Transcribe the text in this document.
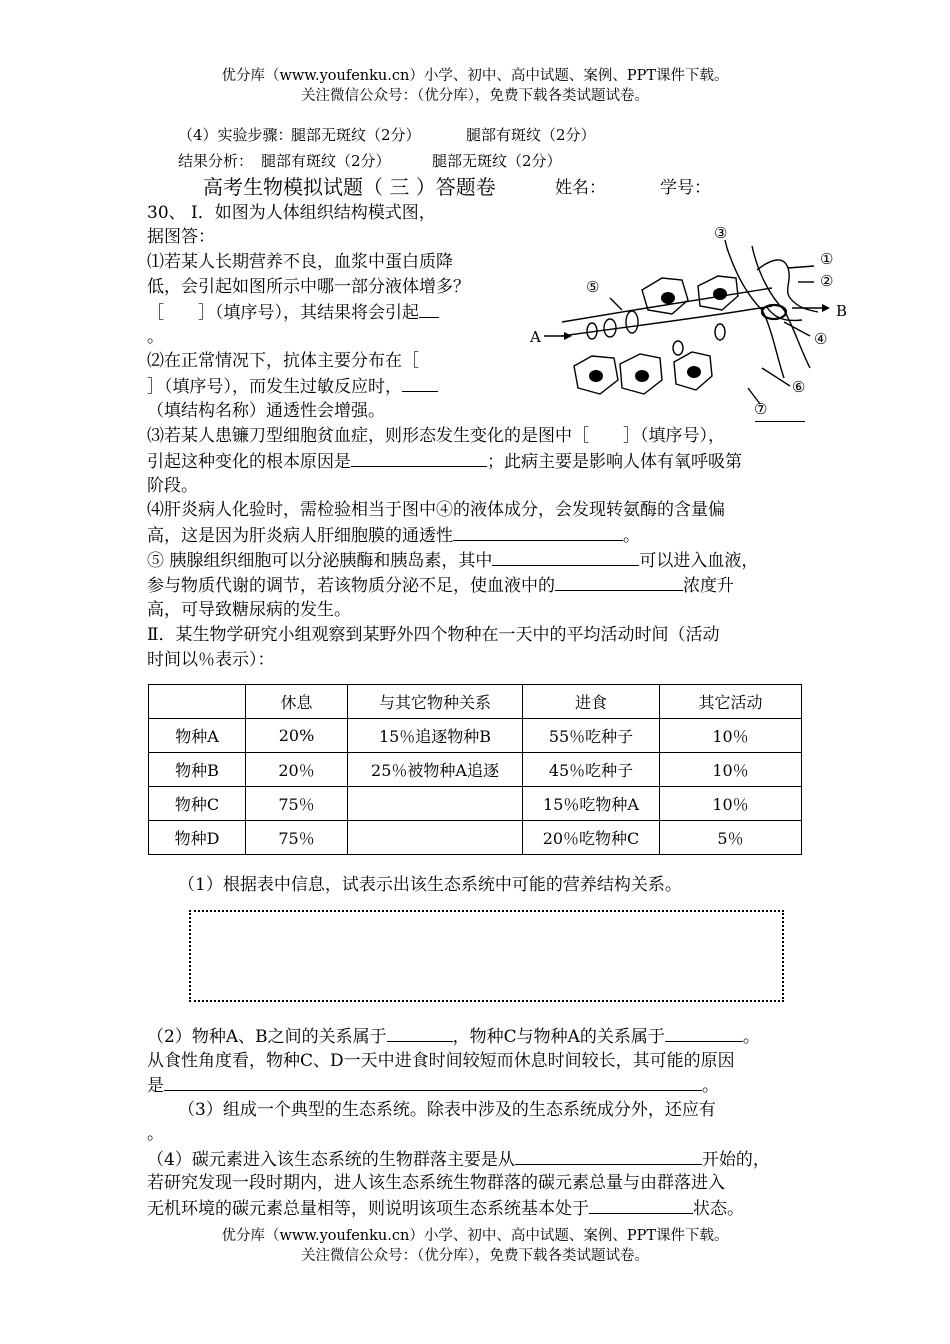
优分库（www.youfenku.cn）小学、初中、高中试题、案例、PPT课件下载。
关注微信公众号：（优分库），免费下载各类试题试卷。
（4）实验步骤：
腿部无斑纹（2分）	腿部有斑纹（2分）
结果分析： 腿部有斑纹（2分）	腿部无斑纹（2分）
高考生物模拟试题（ 三 ）答题卷	姓名：	学号：
30、 Ⅰ．如图为人体组织结构模式图，
据图答：
⑴若某人长期营养不良，血浆中蛋白质降
低，会引起如图所示中哪一部分液体增多？
［　　］（填序号），其结果将会引起
。
⑵在正常情况下，抗体主要分布在［
］（填序号），而发生过敏反应时，
（填结构名称）通透性会增强。
⑶若某人患镰刀型细胞贫血症，则形态发生变化的是图中［　　］（填序号），
引起这种变化的根本原因是	；此病主要是影响人体有氧呼吸第
阶段。
⑷肝炎病人化验时，需检验相当于图中④的液体成分，会发现转氨酶的含量偏
高，这是因为肝炎病人肝细胞膜的通透性	。
⑤ 胰腺组织细胞可以分泌胰酶和胰岛素，其中	可以进入血液，
参与物质代谢的调节，若该物质分泌不足，使血液中的	浓度升
高，可导致糖尿病的发生。
③
①
②
⑤
B
A	④
⑥
⑦
Ⅱ．某生物学研究小组观察到某野外四个物种在一天中的平均活动时间（活动
时间以％表示）：
	休息	与其它物种关系	进食	其它活动
物种A	20%	15％追逐物种B	55％吃种子	10％
物种B	20％	25％被物种A追逐	45％吃种子	10％
物种C	75％		15％吃物种A	10％
物种D	75％		20％吃物种C	5％
（1）根据表中信息，试表示出该生态系统中可能的营养结构关系。
（2）物种A、B之间的关系属于	，物种C与物种A的关系属于	。
从食性角度看，物种C、D一天中进食时间较短而休息时间较长，其可能的原因
是	。
（3）组成一个典型的生态系统。除表中涉及的生态系统成分外，还应有
。
（4）碳元素进入该生态系统的生物群落主要是从	开始的，
若研究发现一段时期内，进人该生态系统生物群落的碳元素总量与由群落进入
无机环境的碳元素总量相等，则说明该项生态系统基本处于	状态。
优分库（www.youfenku.cn）小学、初中、高中试题、案例、PPT课件下载。
关注微信公众号：（优分库），免费下载各类试题试卷。
